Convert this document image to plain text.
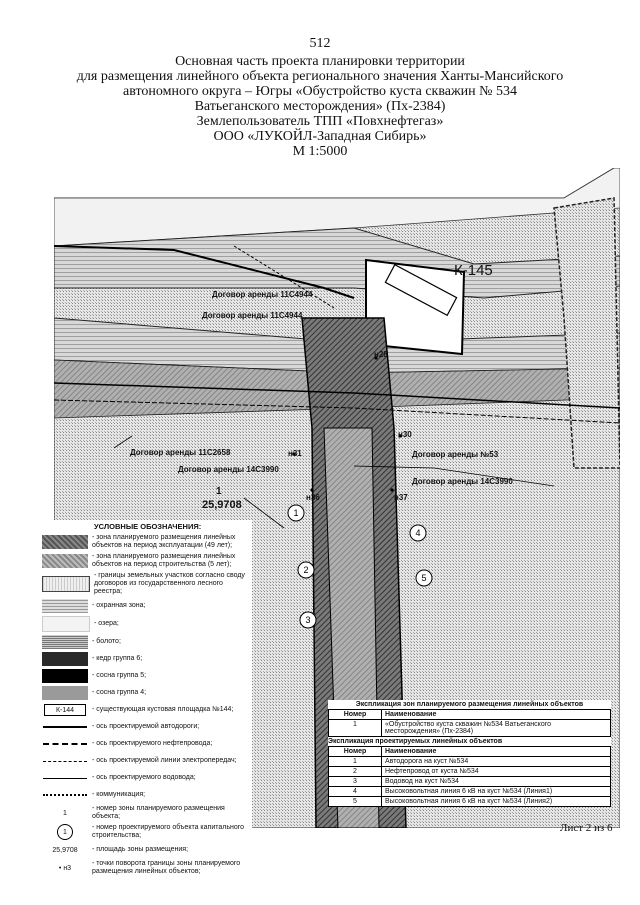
512
Основная часть проекта планировки территории
для размещения линейного объекта регионального значения Ханты-Мансийского
автономного округа – Югры «Обустройство куста скважин № 534
Ватьеганского месторождения» (Пх-2384)
Землепользователь ТПП «Повхнефтегаз»
ООО «ЛУКОЙЛ-Западная Сибирь»
М 1:5000
1
2
3
4
5
К-145
Договор аренды 11С4944
Договор аренды 11С4944
Договор аренды 11С2658
Договор аренды 14С3990
Договор аренды №53
Договор аренды 14С3990
н28
н30
н31
н36	н37
1
25,9708
УСЛОВНЫЕ ОБОЗНАЧЕНИЯ:
- зона планируемого размещения линейных объектов на период эксплуатации (49 лет);
- зона планируемого размещения линейных объектов на период строительства (5 лет);
- границы земельных участков согласно своду договоров из государственного лесного реестра;
- охранная зона;
- озера;
- болото;
- кедр группа 6;
- сосна группа 5;
- сосна группа 4;
К-144	- существующая кустовая площадка №144;
- ось проектируемой автодороги;
- ось проектируемого нефтепровода;
- ось проектируемой линии электропередач;
- ось проектируемого водовода;
- коммуникация;
1
- номер зоны планируемого размещения объекта;
1
- номер проектируемого объекта капитального строительства;
25,9708	- площадь зоны размещения;
• н3
- точки поворота границы зоны планируемого размещения линейных объектов;
Экспликация зон планируемого размещения линейных объектов
Номер	Наименование
1	«Обустройство куста скважин №534 Ватьеганского месторождения» (Пх-2384)
Экспликация проектируемых линейных объектов
Номер	Наименование
1	Автодорога на куст №534
2	Нефтепровод от куста №534
3	Водовод на куст №534
4	Высоковольтная линия 6 кВ на куст №534 (Линия1)
5	Высоковольтная линия 6 кВ на куст №534 (Линия2)
Лист 2 из 6
